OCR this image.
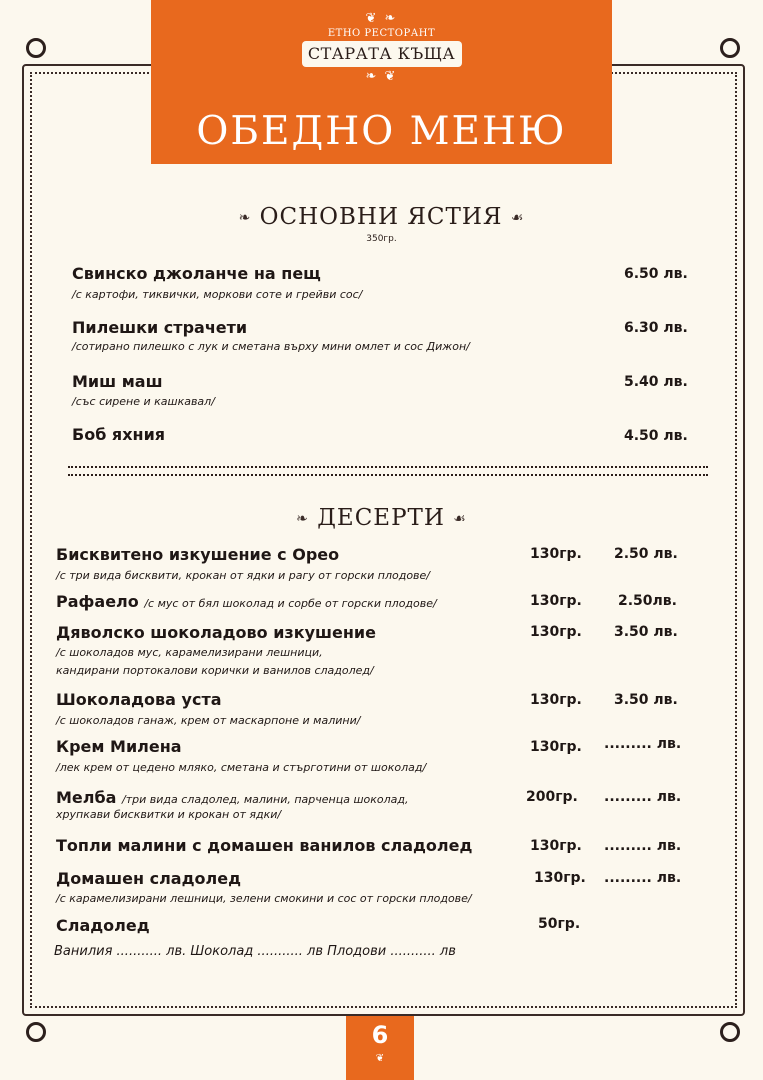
❦ ❧
ЕТНО РЕСТОРАНТ
СТАРАТА КЪЩА
❧ ❦
ОБЕДНО МЕНЮ
❧ ОСНОВНИ ЯСТИЯ ☙
350гр.
Свинско джоланче на пещ	6.50 лв.
/с картофи, тиквички, моркови соте и грейви сос/
Пилешки страчети	6.30 лв.
/сотирано пилешко с лук и сметана върху мини омлет и сос Дижон/
Миш маш	5.40 лв.
/със сирене и кашкавал/
Боб яхния	4.50 лв.
❧ ДЕСЕРТИ ☙
Бисквитено изкушение с Орео	130гр. 2.50 лв.
/с три вида бисквити, крокан от ядки и рагу от горски плодове/
Рафаело /с мус от бял шоколад и сорбе от горски плодове/	130гр.	2.50лв.
Дяволско шоколадово изкушение	130гр. 3.50 лв.
/с шоколадов мус, карамелизирани лешници,
кандирани портокалови корички и ванилов сладолед/
Шоколадова уста	130гр. 3.50 лв.
/с шоколадов ганаж, крем от маскарпоне и малини/
Крем Милена	130гр. ......... лв.
/лек крем от цедено мляко, сметана и стърготини от шоколад/
Мелба /три вида сладолед, малини, парченца шоколад,	200гр. ......... лв.
хрупкави бисквитки и крокан от ядки/
Топли малини с домашен ванилов сладолед	130гр. ......... лв.
Домашен сладолед	130гр. ......... лв.
/с карамелизирани лешници, зелени смокини и сос от горски плодове/
Сладолед	50гр.
Ванилия ........... лв. Шоколад ........... лв Плодови ........... лв
6
❦
